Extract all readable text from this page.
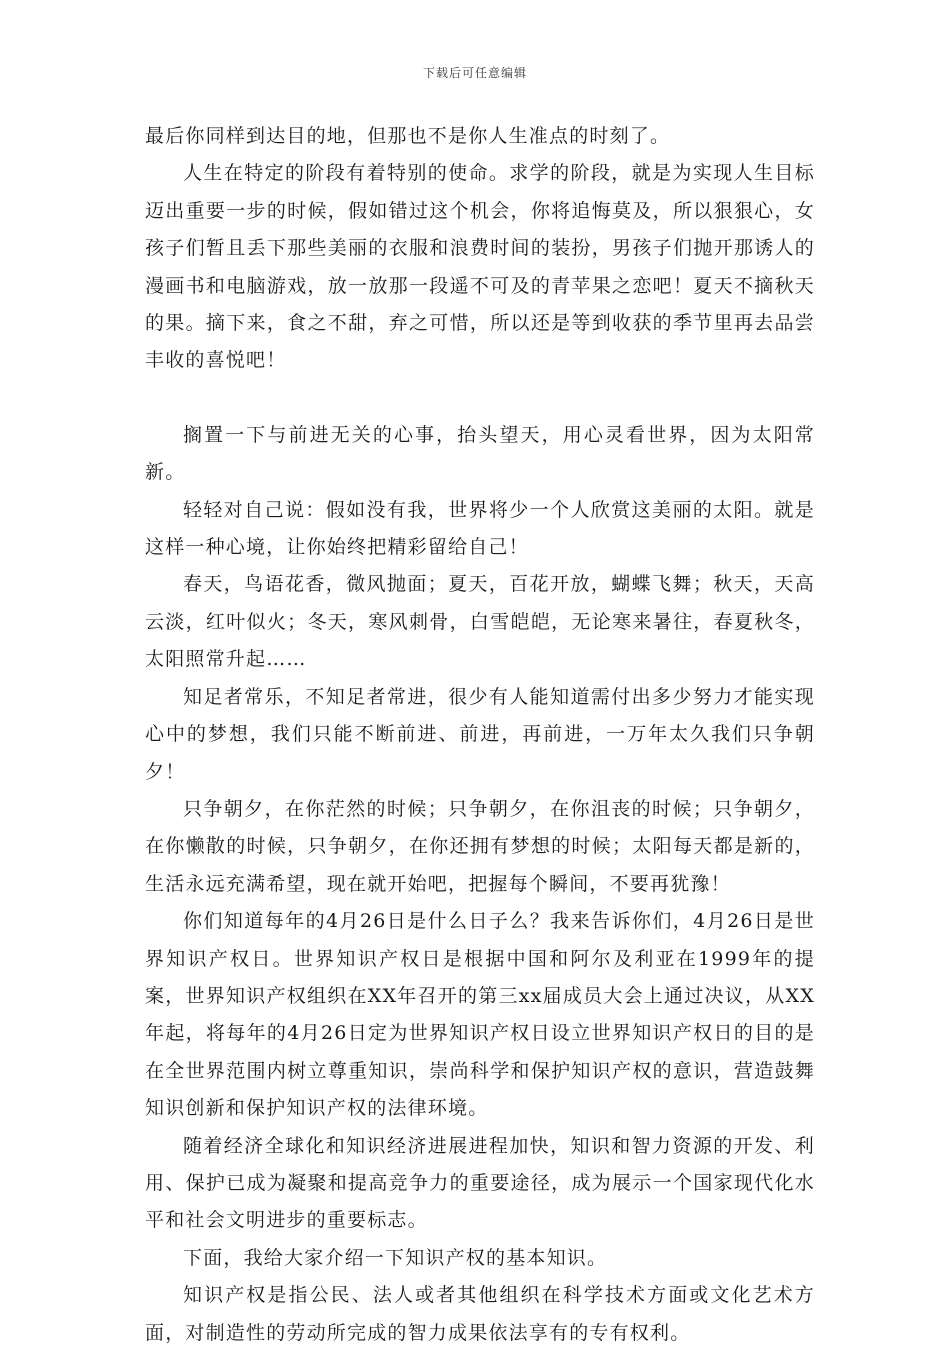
下载后可任意编辑

最后你同样到达目的地，但那也不是你人生准点的时刻了。

人生在特定的阶段有着特别的使命。求学的阶段，就是为实现人生目标迈出重要一步的时候，假如错过这个机会，你将追悔莫及，所以狠狠心，女孩子们暂且丢下那些美丽的衣服和浪费时间的装扮，男孩子们抛开那诱人的漫画书和电脑游戏，放一放那一段遥不可及的青苹果之恋吧！夏天不摘秋天的果。摘下来，食之不甜，弃之可惜，所以还是等到收获的季节里再去品尝丰收的喜悦吧！

搁置一下与前进无关的心事，抬头望天，用心灵看世界，因为太阳常新。

轻轻对自己说：假如没有我，世界将少一个人欣赏这美丽的太阳。就是这样一种心境，让你始终把精彩留给自己！

春天，鸟语花香，微风抛面；夏天，百花开放，蝴蝶飞舞；秋天，天高云淡，红叶似火；冬天，寒风刺骨，白雪皑皑，无论寒来暑往，春夏秋冬，太阳照常升起……

知足者常乐，不知足者常进，很少有人能知道需付出多少努力才能实现心中的梦想，我们只能不断前进、前进，再前进，一万年太久我们只争朝夕！

只争朝夕，在你茫然的时候；只争朝夕，在你沮丧的时候；只争朝夕，在你懒散的时候，只争朝夕，在你还拥有梦想的时候；太阳每天都是新的，生活永远充满希望，现在就开始吧，把握每个瞬间，不要再犹豫！

你们知道每年的4月26日是什么日子么？我来告诉你们，4月26日是世界知识产权日。世界知识产权日是根据中国和阿尔及利亚在1999年的提案，世界知识产权组织在XX年召开的第三xx届成员大会上通过决议，从XX年起，将每年的4月26日定为世界知识产权日设立世界知识产权日的目的是在全世界范围内树立尊重知识，崇尚科学和保护知识产权的意识，营造鼓舞知识创新和保护知识产权的法律环境。

随着经济全球化和知识经济进展进程加快，知识和智力资源的开发、利用、保护已成为凝聚和提高竞争力的重要途径，成为展示一个国家现代化水平和社会文明进步的重要标志。

下面，我给大家介绍一下知识产权的基本知识。

知识产权是指公民、法人或者其他组织在科学技术方面或文化艺术方面，对制造性的劳动所完成的智力成果依法享有的专有权利。
